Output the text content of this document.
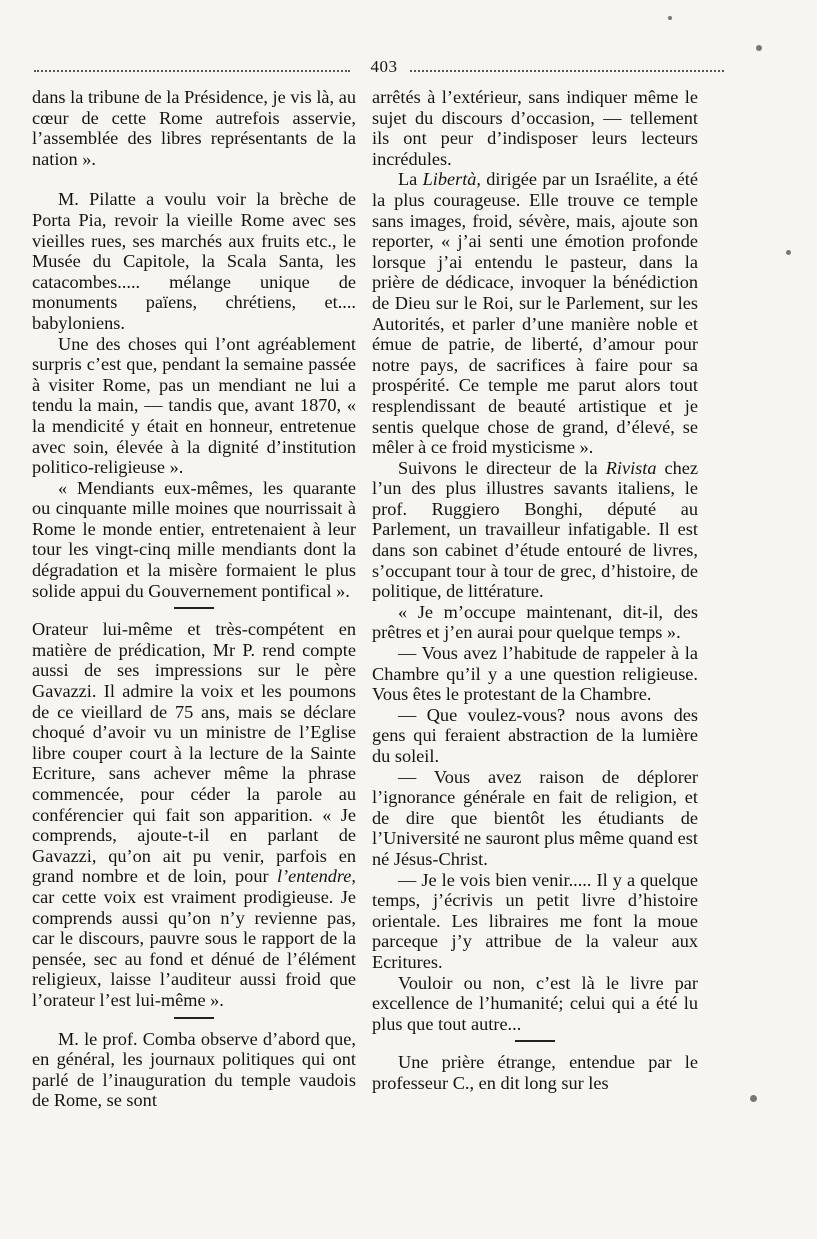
403

dans la tribune de la Présidence, je vis là, au cœur de cette Rome autrefois asservie, l’assemblée des libres représentants de la nation ».

M. Pilatte a voulu voir la brèche de Porta Pia, revoir la vieille Rome avec ses vieilles rues, ses marchés aux fruits etc., le Musée du Capitole, la Scala Santa, les catacombes..... mélange unique de monuments païens, chrétiens, et.... babyloniens.

Une des choses qui l’ont agréablement surpris c’est que, pendant la semaine passée à visiter Rome, pas un mendiant ne lui a tendu la main, — tandis que, avant 1870, « la mendicité y était en honneur, entretenue avec soin, élevée à la dignité d’institution politico-religieuse ».

« Mendiants eux-mêmes, les quarante ou cinquante mille moines que nourrissait à Rome le monde entier, entretenaient à leur tour les vingt-cinq mille mendiants dont la dégradation et la misère formaient le plus solide appui du Gouvernement pontifical ».

Orateur lui-même et très-compétent en matière de prédication, Mr P. rend compte aussi de ses impressions sur le père Gavazzi. Il admire la voix et les poumons de ce vieillard de 75 ans, mais se déclare choqué d’avoir vu un ministre de l’Eglise libre couper court à la lecture de la Sainte Ecriture, sans achever même la phrase commencée, pour céder la parole au conférencier qui fait son apparition. « Je comprends, ajoute-t-il en parlant de Gavazzi, qu’on ait pu venir, parfois en grand nombre et de loin, pour l’entendre, car cette voix est vraiment prodigieuse. Je comprends aussi qu’on n’y revienne pas, car le discours, pauvre sous le rapport de la pensée, sec au fond et dénué de l’élément religieux, laisse l’auditeur aussi froid que l’orateur l’est lui-même ».

M. le prof. Comba observe d’abord que, en général, les journaux politiques qui ont parlé de l’inauguration du temple vaudois de Rome, se sont

arrêtés à l’extérieur, sans indiquer même le sujet du discours d’occasion, — tellement ils ont peur d’indisposer leurs lecteurs incrédules.

La Libertà, dirigée par un Israélite, a été la plus courageuse. Elle trouve ce temple sans images, froid, sévère, mais, ajoute son reporter, « j’ai senti une émotion profonde lorsque j’ai entendu le pasteur, dans la prière de dédicace, invoquer la bénédiction de Dieu sur le Roi, sur le Parlement, sur les Autorités, et parler d’une manière noble et émue de patrie, de liberté, d’amour pour notre pays, de sacrifices à faire pour sa prospérité. Ce temple me parut alors tout resplendissant de beauté artistique et je sentis quelque chose de grand, d’élevé, se mêler à ce froid mysticisme ».

Suivons le directeur de la Rivista chez l’un des plus illustres savants italiens, le prof. Ruggiero Bonghi, député au Parlement, un travailleur infatigable. Il est dans son cabinet d’étude entouré de livres, s’occupant tour à tour de grec, d’histoire, de politique, de littérature.

« Je m’occupe maintenant, dit-il, des prêtres et j’en aurai pour quelque temps ».

— Vous avez l’habitude de rappeler à la Chambre qu’il y a une question religieuse. Vous êtes le protestant de la Chambre.

— Que voulez-vous? nous avons des gens qui feraient abstraction de la lumière du soleil.

— Vous avez raison de déplorer l’ignorance générale en fait de religion, et de dire que bientôt les étudiants de l’Université ne sauront plus même quand est né Jésus-Christ.

— Je le vois bien venir..... Il y a quelque temps, j’écrivis un petit livre d’histoire orientale. Les libraires me font la moue parceque j’y attribue de la valeur aux Ecritures.

Vouloir ou non, c’est là le livre par excellence de l’humanité; celui qui a été lu plus que tout autre...

Une prière étrange, entendue par le professeur C., en dit long sur les
